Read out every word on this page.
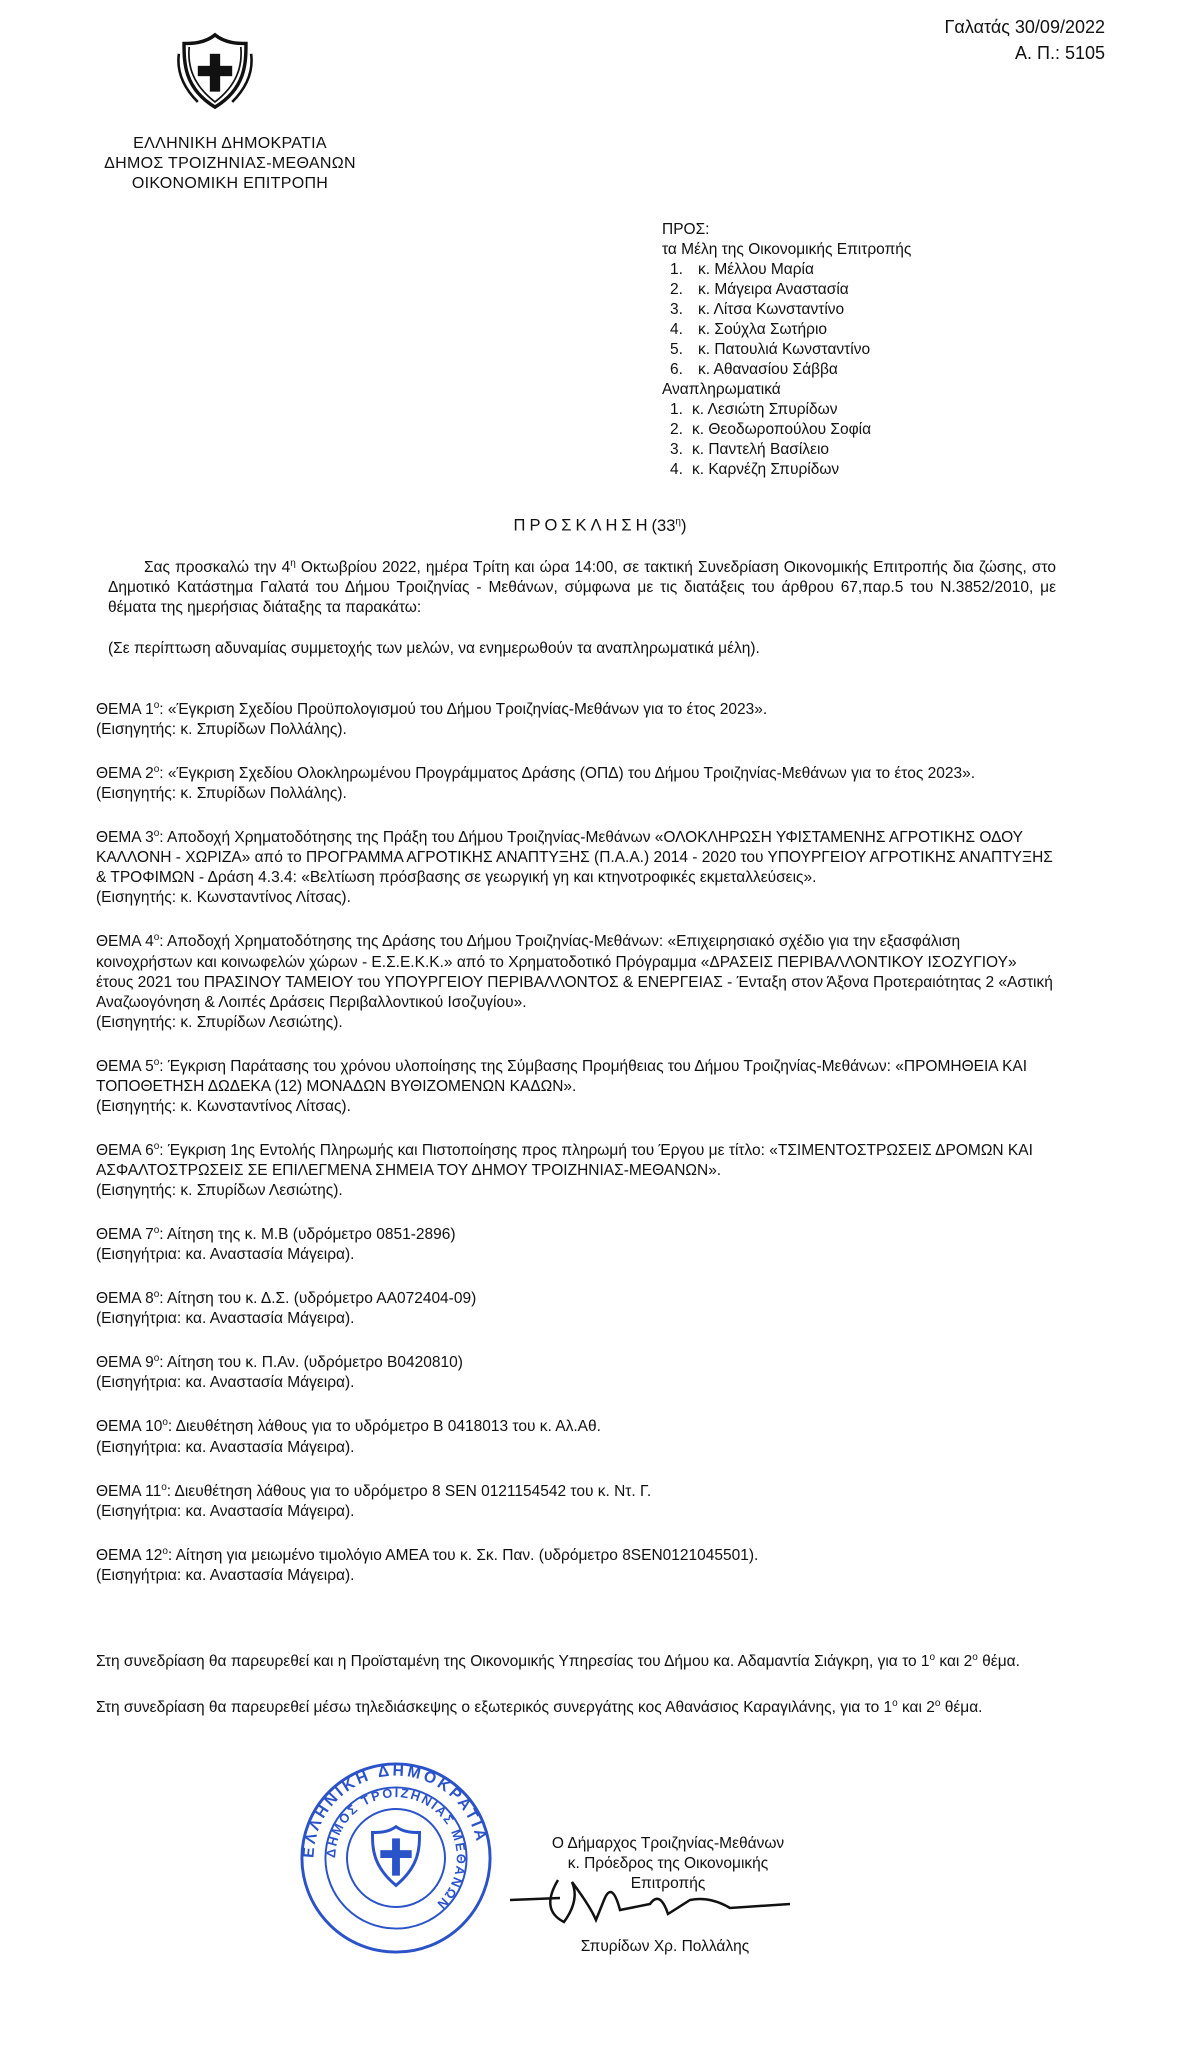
Γαλατάς 30/09/2022
Α. Π.: 5105
ΕΛΛΗΝΙΚΗ ΔΗΜΟΚΡΑΤΙΑ
ΔΗΜΟΣ ΤΡΟΙΖΗΝΙΑΣ-ΜΕΘΑΝΩΝ
ΟΙΚΟΝΟΜΙΚΗ ΕΠΙΤΡΟΠΗ
ΠΡΟΣ:
τα Μέλη της Οικονομικής Επιτροπής
1. κ. Μέλλου Μαρία
2. κ. Μάγειρα Αναστασία
3. κ. Λίτσα Κωνσταντίνο
4. κ. Σούχλα Σωτήριο
5. κ. Πατουλιά Κωνσταντίνο
6. κ. Αθανασίου Σάββα
Αναπληρωματικά
1. κ. Λεσιώτη Σπυρίδων
2. κ. Θεοδωροπούλου Σοφία
3. κ. Παντελή Βασίλειο
4. κ. Καρνέζη Σπυρίδων
$\Pi PO\Sigma K\Lambda H\Sigma H(33^\eta)$
Σας προσκαλώ την $4^\eta$ Οκτωβρίου 2022, ημέρα Τρίτη και ώρα 14:00, σε τακτική Συνεδρίαση Οικονομικής Επιτροπής δια ζώσης, στο Δημοτικό Κατάστημα Γαλατά του Δήμου Τροιζηνίας - Μεθάνων, σύμφωνα με τις διατάξεις του άρθρου 67,παρ.5 του Ν.3852/2010, με θέματα της ημερήσιας διάταξης τα παρακάτω:
(Σε περίπτωση αδυναμίας συμμετοχής των μελών, να ενημερωθούν τα αναπληρωματικά μέλη).
ΘΕΜΑ $1^o$: «Έγκριση Σχεδίου Προϋπολογισμού του Δήμου Τροιζηνίας-Μεθάνων για το έτος 2023».
(Εισηγητής: κ. Σπυρίδων Πολλάλης).
ΘΕΜΑ $2^o$: «Έγκριση Σχεδίου Ολοκληρωμένου Προγράμματος Δράσης (ΟΠΔ) του Δήμου Τροιζηνίας-Μεθάνων για το έτος 2023».
(Εισηγητής: κ. Σπυρίδων Πολλάλης).
ΘΕΜΑ $3^o$: Αποδοχή Χρηματοδότησης της Πράξη του Δήμου Τροιζηνίας-Μεθάνων «ΟΛΟΚΛΗΡΩΣΗ ΥΦΙΣΤΑΜΕΝΗΣ ΑΓΡΟΤΙΚΗΣ ΟΔΟΥ ΚΑΛΛΟΝΗ - ΧΩΡΙΖΑ» από το ΠΡΟΓΡΑΜΜΑ ΑΓΡΟΤΙΚΗΣ ΑΝΑΠΤΥΞΗΣ (Π.Α.Α.) 2014 - 2020 του ΥΠΟΥΡΓΕΙΟΥ ΑΓΡΟΤΙΚΗΣ ΑΝΑΠΤΥΞΗΣ & ΤΡΟΦΙΜΩΝ - Δράση 4.3.4: «Βελτίωση πρόσβασης σε γεωργική γη και κτηνοτροφικές εκμεταλλεύσεις».
(Εισηγητής: κ. Κωνσταντίνος Λίτσας).
ΘΕΜΑ $4^o$: Αποδοχή Χρηματοδότησης της Δράσης του Δήμου Τροιζηνίας-Μεθάνων: «Επιχειρησιακό σχέδιο για την εξασφάλιση κοινοχρήστων και κοινωφελών χώρων - Ε.Σ.Ε.Κ.Κ.» από το Χρηματοδοτικό Πρόγραμμα «ΔΡΑΣΕΙΣ ΠΕΡΙΒΑΛΛΟΝΤΙΚΟΥ ΙΣΟΖΥΓΙΟΥ» έτους 2021 του ΠΡΑΣΙΝΟΥ ΤΑΜΕΙΟΥ του ΥΠΟΥΡΓΕΙΟΥ ΠΕΡΙΒΑΛΛΟΝΤΟΣ & ΕΝΕΡΓΕΙΑΣ - Ένταξη στον Άξονα Προτεραιότητας 2 «Αστική Αναζωογόνηση & Λοιπές Δράσεις Περιβαλλοντικού Ισοζυγίου».
(Εισηγητής: κ. Σπυρίδων Λεσιώτης).
ΘΕΜΑ $5^o$: Έγκριση Παράτασης του χρόνου υλοποίησης της Σύμβασης Προμήθειας του Δήμου Τροιζηνίας-Μεθάνων: «ΠΡΟΜΗΘΕΙΑ ΚΑΙ ΤΟΠΟΘΕΤΗΣΗ ΔΩΔΕΚΑ (12) ΜΟΝΑΔΩΝ ΒΥΘΙΖΟΜΕΝΩΝ ΚΑΔΩΝ».
(Εισηγητής: κ. Κωνσταντίνος Λίτσας).
ΘΕΜΑ $6^o$: Έγκριση 1ης Εντολής Πληρωμής και Πιστοποίησης προς πληρωμή του Έργου με τίτλο: «ΤΣΙΜΕΝΤΟΣΤΡΩΣΕΙΣ ΔΡΟΜΩΝ ΚΑΙ ΑΣΦΑΛΤΟΣΤΡΩΣΕΙΣ ΣΕ ΕΠΙΛΕΓΜΕΝΑ ΣΗΜΕΙΑ ΤΟΥ ΔΗΜΟΥ ΤΡΟΙΖΗΝΙΑΣ-ΜΕΘΑΝΩΝ».
(Εισηγητής: κ. Σπυρίδων Λεσιώτης).
ΘΕΜΑ $7^o$: Αίτηση της κ. Μ.Β (υδρόμετρο 0851-2896)
(Εισηγήτρια: κα. Αναστασία Μάγειρα).
ΘΕΜΑ $8^o$: Αίτηση του κ. Δ.Σ. (υδρόμετρο ΑΑ072404-09)
(Εισηγήτρια: κα. Αναστασία Μάγειρα).
ΘΕΜΑ $9^o$: Αίτηση του κ. Π.Αν. (υδρόμετρο Β0420810)
(Εισηγήτρια: κα. Αναστασία Μάγειρα).
ΘΕΜΑ $10^o$: Διευθέτηση λάθους για το υδρόμετρο Β 0418013 του κ. Αλ.Αθ.
(Εισηγήτρια: κα. Αναστασία Μάγειρα).
ΘΕΜΑ $11^o$: Διευθέτηση λάθους για το υδρόμετρο 8 SEN 0121154542 του κ. Ντ. Γ.
(Εισηγήτρια: κα. Αναστασία Μάγειρα).
ΘΕΜΑ $12^o$: Αίτηση για μειωμένο τιμολόγιο ΑΜΕΑ του κ. Σκ. Παν. (υδρόμετρο 8SEN0121045501).
(Εισηγήτρια: κα. Αναστασία Μάγειρα).

Στη συνεδρίαση θα παρευρεθεί και η Προϊσταμένη της Οικονομικής Υπηρεσίας του Δήμου κα. Αδαμαντία Σιάγκρη, για το $1^o$ και $2^o$ θέμα.

Στη συνεδρίαση θα παρευρεθεί μέσω τηλεδιάσκεψης ο εξωτερικός συνεργάτης κος Αθανάσιος Καραγιλάνης, για το $1^o$ και $2^o$ θέμα.

ΕΛΛΗΝΙΚΗ ΔΗΜΟΚΡΑΤΙΑ
ΔΗΜΟΣ ΤΡΟΙΖΗΝΙΑΣ ΜΕΘΑΝΩΝ
Ο Δήμαρχος Τροιζηνίας-Μεθάνων
κ. Πρόεδρος της Οικονομικής Επιτροπής
Σπυρίδων Χρ. Πολλάλης
